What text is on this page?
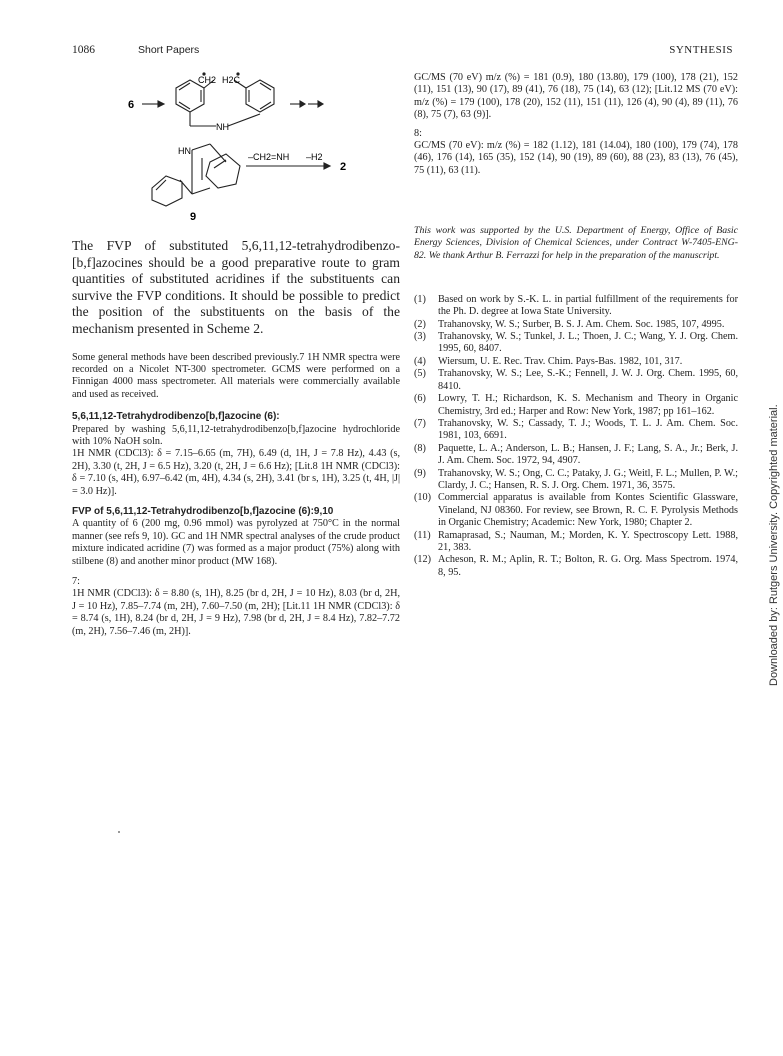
1086	Short Papers	SYNTHESIS
6
CH2 H2C
NH
HN
–CH2=NH –H2
2
9

The FVP of substituted 5,6,11,12-tetrahydrodibenzo-[b,f]azocines should be a good preparative route to gram quantities of substituted acridines if the substituents can survive the FVP conditions. It should be possible to predict the position of the substituents on the basis of the mechanism presented in Scheme 2.

Some general methods have been described previously.7 1H NMR spectra were recorded on a Nicolet NT-300 spectrometer. GCMS were performed on a Finnigan 4000 mass spectrometer. All materials were commercially available and used as received.

5,6,11,12-Tetrahydrodibenzo[b,f]azocine (6):

Prepared by washing 5,6,11,12-tetrahydrodibenzo[b,f]azocine hydrochloride with 10% NaOH soln.

1H NMR (CDCl3): δ = 7.15–6.65 (m, 7H), 6.49 (d, 1H, J = 7.8 Hz), 4.43 (s, 2H), 3.30 (t, 2H, J = 6.5 Hz), 3.20 (t, 2H, J = 6.6 Hz); [Lit.8 1H NMR (CDCl3): δ = 7.10 (s, 4H), 6.97–6.42 (m, 4H), 4.34 (s, 2H), 3.41 (br s, 1H), 3.25 (t, 4H, |J| = 3.0 Hz)].

FVP of 5,6,11,12-Tetrahydrodibenzo[b,f]azocine (6):9,10

A quantity of 6 (200 mg, 0.96 mmol) was pyrolyzed at 750°C in the normal manner (see refs 9, 10). GC and 1H NMR spectral analyses of the crude product mixture indicated acridine (7) was formed as a major product (75%) along with stilbene (8) and another minor product (MW 168).

7:

1H NMR (CDCl3): δ = 8.80 (s, 1H), 8.25 (br d, 2H, J = 10 Hz), 8.03 (br d, 2H, J = 10 Hz), 7.85–7.74 (m, 2H), 7.60–7.50 (m, 2H); [Lit.11 1H NMR (CDCl3): δ = 8.74 (s, 1H), 8.24 (br d, 2H, J = 9 Hz), 7.98 (br d, 2H, J = 8.4 Hz), 7.82–7.72 (m, 2H), 7.56–7.46 (m, 2H)].

GC/MS (70 eV) m/z (%) = 181 (0.9), 180 (13.80), 179 (100), 178 (21), 152 (11), 151 (13), 90 (17), 89 (41), 76 (18), 75 (14), 63 (12); [Lit.12 MS (70 eV): m/z (%) = 179 (100), 178 (20), 152 (11), 151 (11), 126 (4), 90 (4), 89 (11), 76 (8), 75 (7), 63 (9)].

8:

GC/MS (70 eV): m/z (%) = 182 (1.12), 181 (14.04), 180 (100), 179 (74), 178 (46), 176 (14), 165 (35), 152 (14), 90 (19), 89 (60), 88 (23), 83 (13), 76 (45), 75 (11), 63 (11).

This work was supported by the U.S. Department of Energy, Office of Basic Energy Sciences, Division of Chemical Sciences, under Contract W-7405-ENG-82. We thank Arthur B. Ferrazzi for help in the preparation of the manuscript.

(1)	Based on work by S.-K. L. in partial fulfillment of the requirements for the Ph. D. degree at Iowa State University.
(2)	Trahanovsky, W. S.; Surber, B. S. J. Am. Chem. Soc. 1985, 107, 4995.
(3)	Trahanovsky, W. S.; Tunkel, J. L.; Thoen, J. C.; Wang, Y. J. Org. Chem. 1995, 60, 8407.
(4)	Wiersum, U. E. Rec. Trav. Chim. Pays-Bas. 1982, 101, 317.
(5)	Trahanovsky, W. S.; Lee, S.-K.; Fennell, J. W. J. Org. Chem. 1995, 60, 8410.
(6)	Lowry, T. H.; Richardson, K. S. Mechanism and Theory in Organic Chemistry, 3rd ed.; Harper and Row: New York, 1987; pp 161–162.
(7)	Trahanovsky, W. S.; Cassady, T. J.; Woods, T. L. J. Am. Chem. Soc. 1981, 103, 6691.
(8)	Paquette, L. A.; Anderson, L. B.; Hansen, J. F.; Lang, S. A., Jr.; Berk, J. J. Am. Chem. Soc. 1972, 94, 4907.
(9)	Trahanovsky, W. S.; Ong, C. C.; Pataky, J. G.; Weitl, F. L.; Mullen, P. W.; Clardy, J. C.; Hansen, R. S. J. Org. Chem. 1971, 36, 3575.
(10) Commercial apparatus is available from Kontes Scientific Glassware, Vineland, NJ 08360. For review, see Brown, R. C. F. Pyrolysis Methods in Organic Chemistry; Academic: New York, 1980; Chapter 2.
(11) Ramaprasad, S.; Nauman, M.; Morden, K. Y. Spectroscopy Lett. 1988, 21, 383.
(12) Acheson, R. M.; Aplin, R. T.; Bolton, R. G. Org. Mass Spectrom. 1974, 8, 95.	Downloaded by: Rutgers University. Copyrighted material.
